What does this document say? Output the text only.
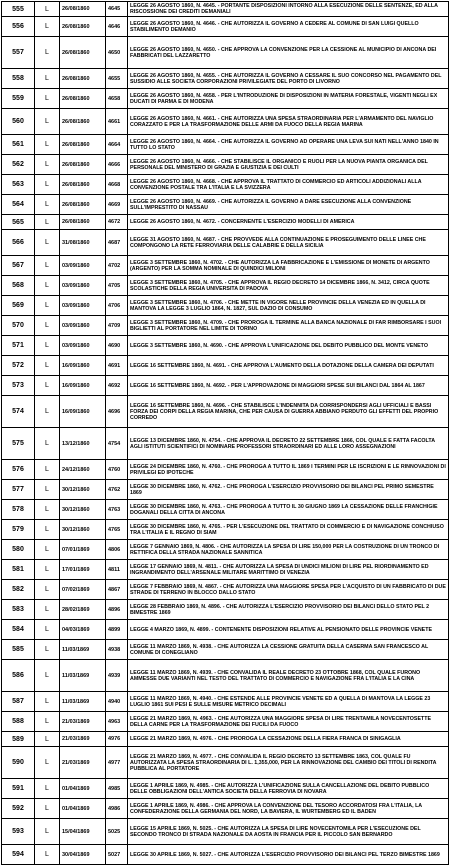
555	L	26/08/1860	4645	LEGGE 26 AGOSTO 1860, N. 4645. - PORTANTE DISPOSIZIONI INTORNO ALLA ESECUZIONE DELLE SENTENZE, ED ALLA RISCOSSIONE DEI CREDITI DEMANIALI
556	L	26/08/1860	4646	LEGGE 26 AGOSTO 1860, N. 4646. - CHE AUTORIZZA IL GOVERNO A CEDERE AL COMUNE DI SAN LUIGI QUELLO STABILIMENTO DEMANIO
557	L	26/08/1860	4650	LEGGE 26 AGOSTO 1860, N. 4650. - CHE APPROVA LA CONVENZIONE PER LA CESSIONE AL MUNICIPIO DI ANCONA DEI FABBRICATI DEL LAZZARETTO
558	L	26/08/1860	4655	LEGGE 26 AGOSTO 1860, N. 4655. - CHE AUTORIZZA IL GOVERNO A CESSARE IL SUO CONCORSO NEL PAGAMENTO DEL SUSSIDIO ALLE SOCIETA CORPORAZIONI PRIVILEGIATE DEL PORTO DI LIVORNO
559	L	26/08/1860	4658	LEGGE 26 AGOSTO 1860, N. 4658. - PER L'INTRODUZIONE DI DISPOSIZIONI IN MATERIA FORESTALE, VIGENTI NEGLI EX DUCATI DI PARMA E DI MODENA
560	L	26/08/1860	4661	LEGGE 26 AGOSTO 1860, N. 4661. - CHE AUTORIZZA UNA SPESA STRAORDINARIA PER L'ARMAMENTO DEL NAVIGLIO CORAZZATO E PER LA TRASFORMAZIONE DELLE ARMI DA FUOCO DELLA REGIA MARINA
561	L	26/08/1860	4664	LEGGE 26 AGOSTO 1860, N. 4664. - CHE AUTORIZZA IL GOVERNO AD OPERARE UNA LEVA SUI NATI NELL'ANNO 1840 IN TUTTO LO STATO
562	L	26/08/1860	4666	LEGGE 26 AGOSTO 1860, N. 4666. - CHE STABILISCE IL ORGANICO E RUOLI PER LA NUOVA PIANTA ORGANICA DEL PERSONALE DEL MINISTERO DI GRAZIA E GIUSTIZIA E DEI CULTI
563	L	26/08/1860	4668	LEGGE 26 AGOSTO 1860, N. 4668. - CHE APPROVA IL TRATTATO DI COMMERCIO ED ARTICOLI ADDIZIONALI ALLA CONVENZIONE POSTALE TRA L'ITALIA E LA SVIZZERA
564	L	26/08/1860	4669	LEGGE 26 AGOSTO 1860, N. 4669. - CHE AUTORIZZA IL GOVERNO A DARE ESECUZIONE ALLA CONVENZIONE SULL'IMPRESTITO DI NASSAU
565	L	26/08/1860	4672	LEGGE 26 AGOSTO 1860, N. 4672. - CONCERNENTE L'ESERCIZIO MODELLI DI AMERICA
566	L	31/08/1860	4687	LEGGE 31 AGOSTO 1860, N. 4687. - CHE PROVVEDE ALLA CONTINUAZIONE E PROSEGUIMENTO DELLE LINEE CHE COMPONGONO LA RETE FERROVIARIA DELLE CALABRIE E DELLA SICILIA
567	L	03/09/1860	4702	LEGGE 3 SETTEMBRE 1860, N. 4702. - CHE AUTORIZZA LA FABBRICAZIONE E L'EMISSIONE DI MONETE DI ARGENTO (ARGENTO) PER LA SOMMA NOMINALE DI QUINDICI MILIONI
568	L	03/09/1860	4705	LEGGE 3 SETTEMBRE 1860, N. 4705. - CHE APPROVA IL REGIO DECRETO 14 DICEMBRE 1866, N. 3412, CIRCA QUOTE SCOLASTICHE DELLA REGIA UNIVERSITA DI PADOVA
569	L	03/09/1860	4706	LEGGE 3 SETTEMBRE 1860, N. 4706. - CHE METTE IN VIGORE NELLE PROVINCIE DELLA VENEZIA ED IN QUELLA DI MANTOVA LA LEGGE 3 LUGLIO 1864, N. 1827, SUL DAZIO DI CONSUMO
570	L	03/09/1860	4709	LEGGE 3 SETTEMBRE 1860, N. 4709. - CHE PROROGA IL TERMINE ALLA BANCA NAZIONALE DI FAR RIMBORSARE I SUOI BIGLIETTI AL PORTATORE NEL LIMITE DI TORINO
571	L	03/09/1860	4690	LEGGE 3 SETTEMBRE 1860, N. 4690. - CHE APPROVA L'UNIFICAZIONE DEL DEBITO PUBBLICO DEL MONTE VENETO
572	L	16/09/1860	4691	LEGGE 16 SETTEMBRE 1860, N. 4691. - CHE APPROVA L'AUMENTO DELLA DOTAZIONE DELLA CAMERA DEI DEPUTATI
573	L	16/09/1860	4692	LEGGE 16 SETTEMBRE 1860, N. 4692. - PER L'APPROVAZIONE DI MAGGIORI SPESE SUI BILANCI DAL 1864 AL 1867
574	L	16/09/1860	4696	LEGGE 16 SETTEMBRE 1860, N. 4696. - CHE STABILISCE L'INDENNITA DA CORRISPONDERSI AGLI UFFICIALI E BASSI FORZA DEI CORPI DELLA REGIA MARINA, CHE PER CAUSA DI GUERRA ABBIANO PERDUTO GLI EFFETTI DEL PROPRIO CORREDO
575	L	13/12/1860	4754	LEGGE 13 DICEMBRE 1860, N. 4754. - CHE APPROVA IL DECRETO 22 SETTEMBRE 1866, COL QUALE E FATTA FACOLTA AGLI ISTITUTI SCIENTIFICI DI NOMINARE PROFESSORI STRAORDINARI ED ALLE LORO ASSEGNAZIONI
576	L	24/12/1860	4760	LEGGE 24 DICEMBRE 1860, N. 4760. - CHE PROROGA A TUTTO IL 1869 I TERMINI PER LE ISCRIZIONI E LE RINNOVAZIONI DI PRIVILEGI ED IPOTECHE
577	L	30/12/1860	4762	LEGGE 30 DICEMBRE 1860, N. 4762. - CHE PROROGA L'ESERCIZIO PROVVISORIO DEI BILANCI PEL PRIMO SEMESTRE 1869
578	L	30/12/1860	4763	LEGGE 30 DICEMBRE 1860, N. 4763. - CHE PROROGA A TUTTO IL 30 GIUGNO 1869 LA CESSAZIONE DELLE FRANCHIGIE DOGANALI DELLA CITTA DI ANCONA
579	L	30/12/1860	4765	LEGGE 30 DICEMBRE 1860, N. 4765. - PER L'ESECUZIONE DEL TRATTATO DI COMMERCIO E DI NAVIGAZIONE CONCHIUSO TRA L'ITALIA E IL REGNO DI SIAM
580	L	07/01/1869	4806	LEGGE 7 GENNAIO 1869, N. 4806. - CHE AUTORIZZA LA SPESA DI LIRE 150,000 PER LA COSTRUZIONE DI UN TRONCO DI RETTIFICA DELLA STRADA NAZIONALE SANNITICA
581	L	17/01/1869	4811	LEGGE 17 GENNAIO 1869, N. 4811. - CHE AUTORIZZA LA SPESA DI UNDICI MILIONI DI LIRE PEL RIORDINAMENTO ED INGRANDIMENTO DELL'ARSENALE MILITARE MARITTIMO DI VENEZIA
582	L	07/02/1869	4867	LEGGE 7 FEBBRAIO 1869, N. 4867. - CHE AUTORIZZA UNA MAGGIORE SPESA PER L'ACQUISTO DI UN FABBRICATO DI DUE STRADE DI TERRENO IN BLOCCO DALLO STATO
583	L	28/02/1869	4896	LEGGE 28 FEBBRAIO 1869, N. 4896. - CHE AUTORIZZA L'ESERCIZIO PROVVISORIO DEI BILANCI DELLO STATO PEL 2 BIMESTRE 1869
584	L	04/03/1869	4899	LEGGE 4 MARZO 1869, N. 4899. - CONTENENTE DISPOSIZIONI RELATIVE AL PENSIONATO DELLE PROVINCIE VENETE
585	L	11/03/1869	4938	LEGGE 11 MARZO 1869, N. 4938. - CHE AUTORIZZA LA CESSIONE GRATUITA DELLA CASERMA SAN FRANCESCO AL COMUNE DI CONEGLIANO
586	L	11/03/1869	4939	LEGGE 11 MARZO 1869, N. 4939. - CHE CONVALIDA IL REALE DECRETO 23 OTTOBRE 1868, COL QUALE FURONO AMMESSE DUE VARIANTI NEL TESTO DEL TRATTATO DI COMMERCIO E NAVIGAZIONE FRA L'ITALIA E LA CINA
587	L	11/03/1869	4940	LEGGE 11 MARZO 1869, N. 4940. - CHE ESTENDE ALLE PROVINCIE VENETE ED A QUELLA DI MANTOVA LA LEGGE 23 LUGLIO 1861 SUI PESI E SULLE MISURE METRICO DECIMALI
588	L	21/03/1869	4963	LEGGE 21 MARZO 1869, N. 4963. - CHE AUTORIZZA UNA MAGGIORE SPESA DI LIRE TRENTAMILA NOVECENTOSETTE DELLA CARNE PER LA TRASFORMAZIONE DEI FUCILI DA FUOCO
589	L	21/03/1869	4976	LEGGE 21 MARZO 1869, N. 4976. - CHE PROROGA LA CESSAZIONE DELLA FIERA FRANCA DI SINIGAGLIA
590	L	21/03/1869	4977	LEGGE 21 MARZO 1869, N. 4977. - CHE CONVALIDA IL REGIO DECRETO 13 SETTEMBRE 1863, COL QUALE FU AUTORIZZATA LA SPESA STRAORDINARIA DI L. 1,355,000, PER LA RINNOVAZIONE DEL CAMBIO DEI TITOLI DI RENDITA PUBBLICA AL PORTATORE
591	L	01/04/1869	4985	LEGGE 1 APRILE 1869, N. 4985. - CHE AUTORIZZA L'UNIFICAZIONE SULLA CANCELLAZIONE DEL DEBITO PUBBLICO DELLE OBBLIGAZIONI DELL'ANTICA SOCIETA DELLA FERROVIA DI NOVARA
592	L	01/04/1869	4986	LEGGE 1 APRILE 1869, N. 4986. - CHE APPROVA LA CONVENZIONE DEL TESORO ACCORDATOSI FRA L'ITALIA, LA CONFEDERAZIONE DELLA GERMANIA DEL NORD, LA BAVIERA, IL WURTEMBERG ED IL BADEN
593	L	15/04/1869	5025	LEGGE 15 APRILE 1869, N. 5025. - CHE AUTORIZZA LA SPESA DI LIRE NOVECENTOMILA PER L'ESECUZIONE DEL SECONDO TRONCO DI STRADA NAZIONALE DA AOSTA IN FRANCIA PER IL PICCOLO SAN BERNARDO
594	L	30/04/1869	5027	LEGGE 30 APRILE 1869, N. 5027. - CHE AUTORIZZA L'ESERCIZIO PROVVISORIO DEI BILANCI PEL TERZO BIMESTRE 1869
